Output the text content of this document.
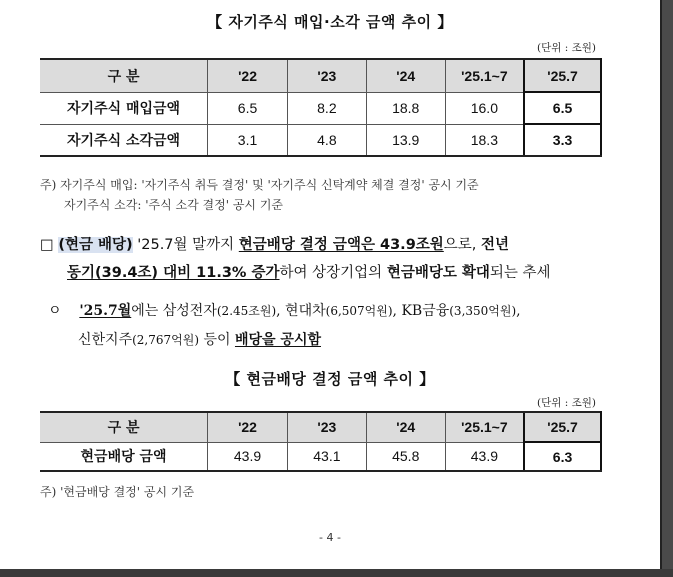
【 자기주식 매입·소각 금액 추이 】
(단위 : 조원)
구 분	'22	'23	'24	'25.1~7	'25.7
자기주식 매입금액	6.5	8.2	18.8	16.0	6.5
자기주식 소각금액	3.1	4.8	13.9	18.3	3.3
주) 자기주식 매입: '자기주식 취득 결정' 및 '자기주식 신탁계약 체결 결정' 공시 기준
자기주식 소각: '주식 소각 결정' 공시 기준
□ (현금 배당) '25.7월 말까지 현금배당 결정 금액은 43.9조원으로, 전년
동기(39.4조) 대비 11.3% 증가하여 상장기업의 현금배당도 확대되는 추세
ㅇ '25.7월에는 삼성전자(2.45조원), 현대차(6,507억원), KB금융(3,350억원),
신한지주(2,767억원) 등이 배당을 공시함
【 현금배당 결정 금액 추이 】
(단위 : 조원)
구 분	'22	'23	'24	'25.1~7	'25.7
현금배당 금액	43.9	43.1	45.8	43.9	6.3
주) '현금배당 결정' 공시 기준
- 4 -
